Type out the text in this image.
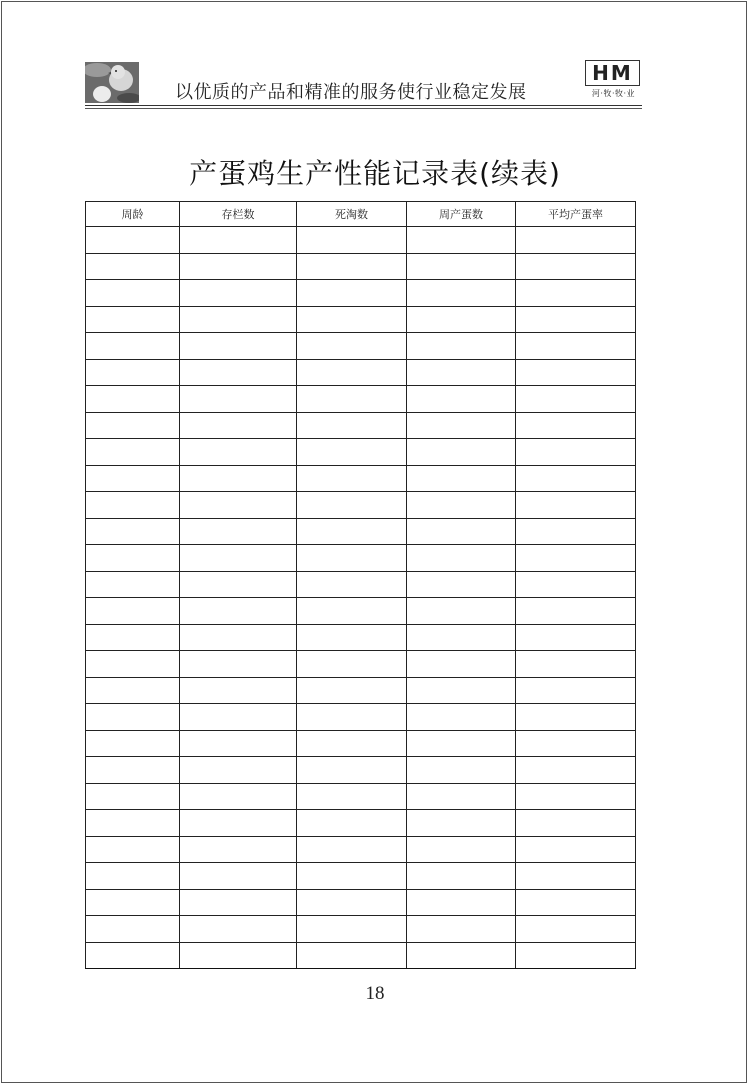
以优质的产品和精准的服务使行业稳定发展
HM
河·牧·牧·业
产蛋鸡生产性能记录表(续表)
周龄	存栏数	死淘数	周产蛋数	平均产蛋率

18
